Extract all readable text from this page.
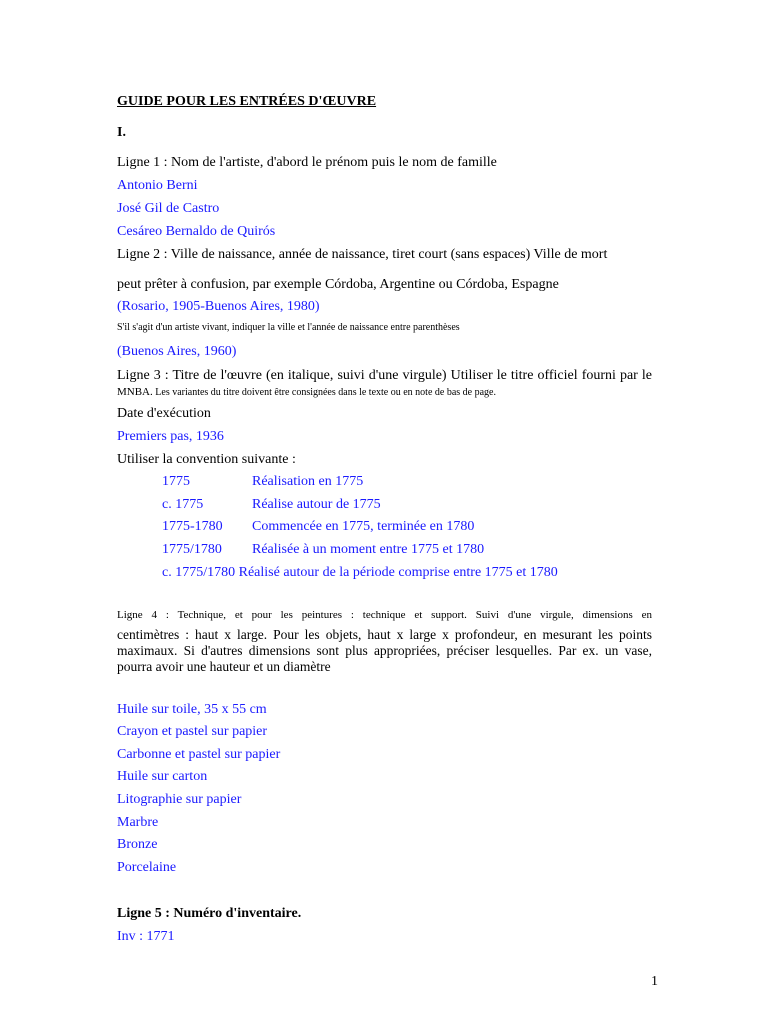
GUIDE POUR LES ENTRÉES D'ŒUVRE
I.
Ligne 1 : Nom de l'artiste, d'abord le prénom puis le nom de famille
Antonio Berni
José Gil de Castro
Cesáreo Bernaldo de Quirós
Ligne 2 : Ville de naissance, année de naissance, tiret court (sans espaces) Ville de mort
peut prêter à confusion, par exemple Córdoba, Argentine ou Córdoba, Espagne
(Rosario, 1905-Buenos Aires, 1980)
S'il s'agit d'un artiste vivant, indiquer la ville et l'année de naissance entre parenthèses
(Buenos Aires, 1960)
Ligne 3 : Titre de l'œuvre (en italique, suivi d'une virgule) Utiliser le titre officiel fourni par le
MNBA. Les variantes du titre doivent être consignées dans le texte ou en note de bas de page.
Date d'exécution
Premiers pas, 1936
Utiliser la convention suivante :
1775	Réalisation en 1775
c. 1775	Réalise autour de 1775
1775-1780 Commencée en 1775, terminée en 1780
1775/1780 Réalisée à un moment entre 1775 et 1780
c. 1775/1780 Réalisé autour de la période comprise entre 1775 et 1780
Ligne 4 : Technique, et pour les peintures : technique et support. Suivi d'une virgule, dimensions en
centimètres : haut x large. Pour les objets, haut x large x profondeur, en mesurant les points maximaux. Si d'autres dimensions sont plus appropriées, préciser lesquelles. Par ex. un vase, pourra avoir une hauteur et un diamètre
Huile sur toile, 35 x 55 cm
Crayon et pastel sur papier
Carbonne et pastel sur papier
Huile sur carton
Litographie sur papier
Marbre
Bronze
Porcelaine
Ligne 5 : Numéro d'inventaire.
Inv : 1771
1
